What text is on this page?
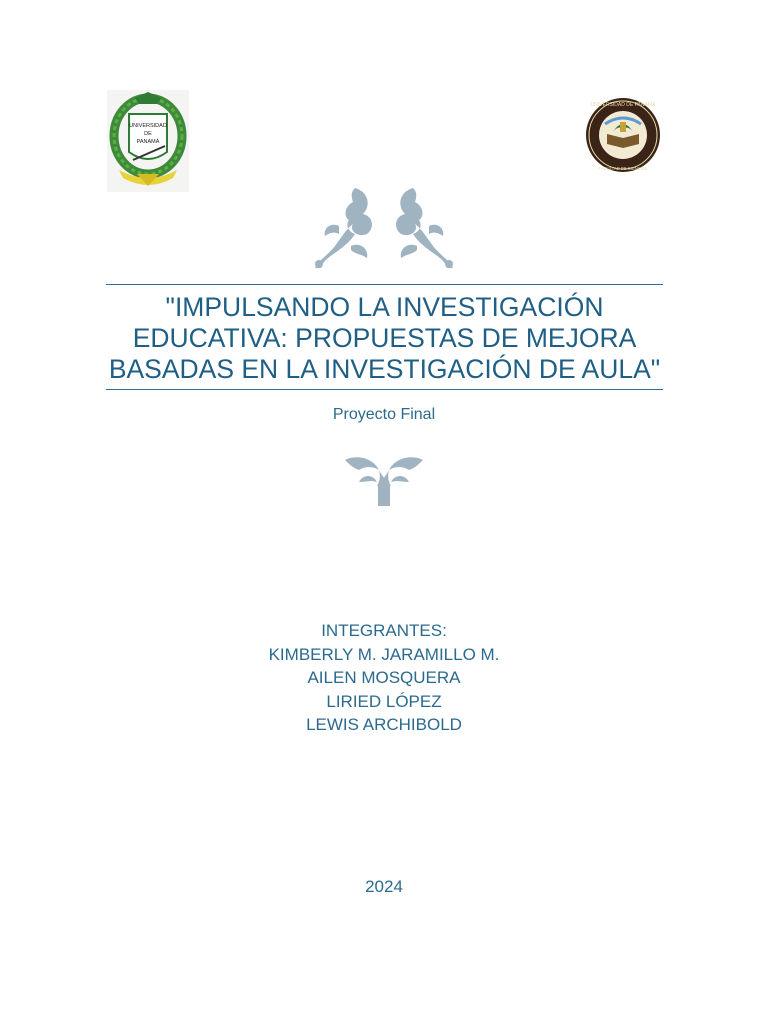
UNIVERSIDAD
DE
PANAMÁ
UNIVERSIDAD DE PANAMÁ
FACULTAD DE CIENCIAS
"IMPULSANDO LA INVESTIGACIÓN EDUCATIVA: PROPUESTAS DE MEJORA BASADAS EN LA INVESTIGACIÓN DE AULA"

Proyecto Final

INTEGRANTES:
KIMBERLY M. JARAMILLO M.
AILEN MOSQUERA
LIRIED LÓPEZ
LEWIS ARCHIBOLD

2024
